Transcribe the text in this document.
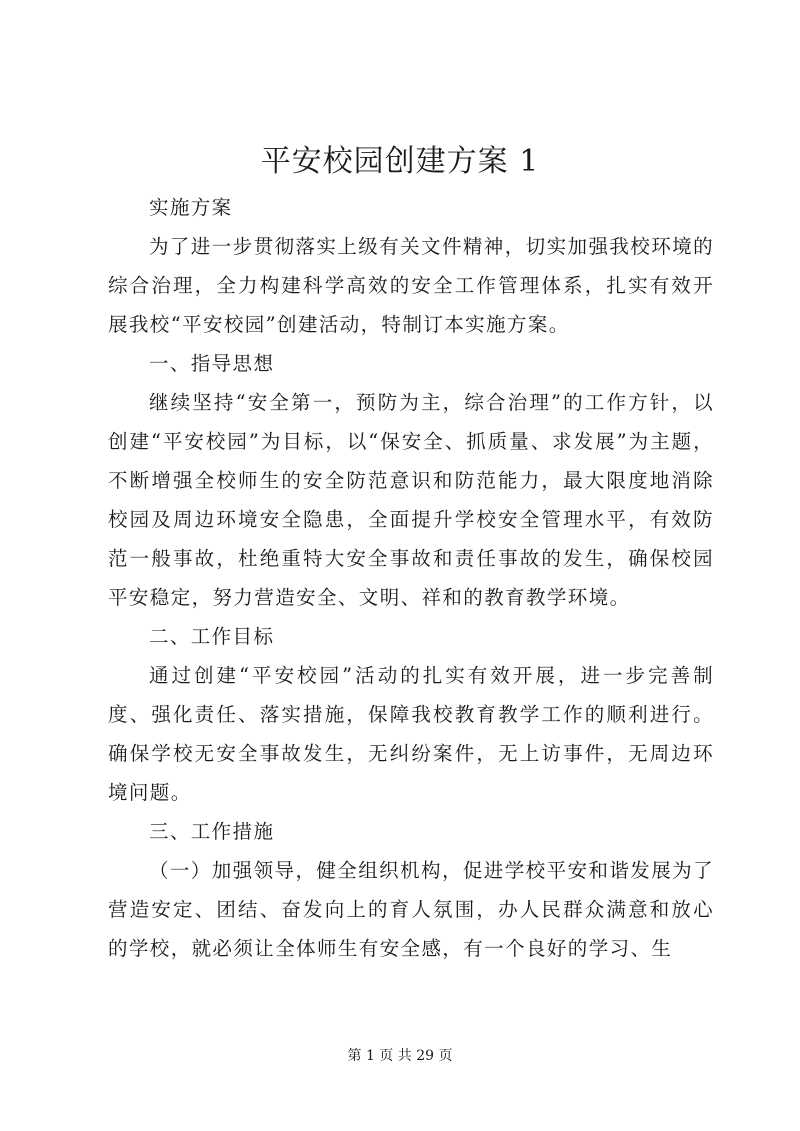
平安校园创建方案 1

实施方案

为了进一步贯彻落实上级有关文件精神，切实加强我校环境的综合治理，全力构建科学高效的安全工作管理体系，扎实有效开展我校“平安校园”创建活动，特制订本实施方案。

一、指导思想

继续坚持“安全第一，预防为主，综合治理”的工作方针，以创建“平安校园”为目标，以“保安全、抓质量、求发展”为主题，不断增强全校师生的安全防范意识和防范能力，最大限度地消除校园及周边环境安全隐患，全面提升学校安全管理水平，有效防范一般事故，杜绝重特大安全事故和责任事故的发生，确保校园平安稳定，努力营造安全、文明、祥和的教育教学环境。

二、工作目标

通过创建“平安校园”活动的扎实有效开展，进一步完善制度、强化责任、落实措施，保障我校教育教学工作的顺利进行。确保学校无安全事故发生，无纠纷案件，无上访事件，无周边环境问题。

三、工作措施

（一）加强领导，健全组织机构，促进学校平安和谐发展为了营造安定、团结、奋发向上的育人氛围，办人民群众满意和放心的学校，就必须让全体师生有安全感，有一个良好的学习、生

第 1 页 共 29 页
